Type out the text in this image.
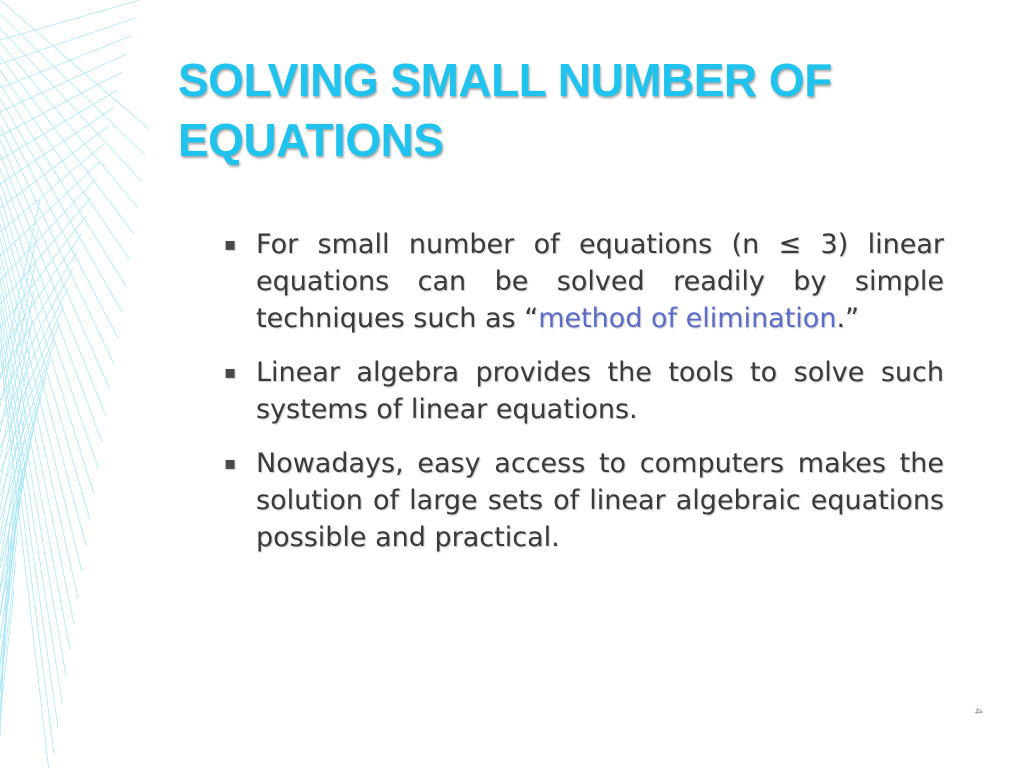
SOLVING SMALL NUMBER OF
EQUATIONS
▪ For small number of equations (n ≤ 3) linear equations can be solved readily by simple techniques such as “method of elimination.”
▪ Linear algebra provides the tools to solve such systems of linear equations.
▪ Nowadays, easy access to computers makes the solution of large sets of linear algebraic equations possible and practical.
4
